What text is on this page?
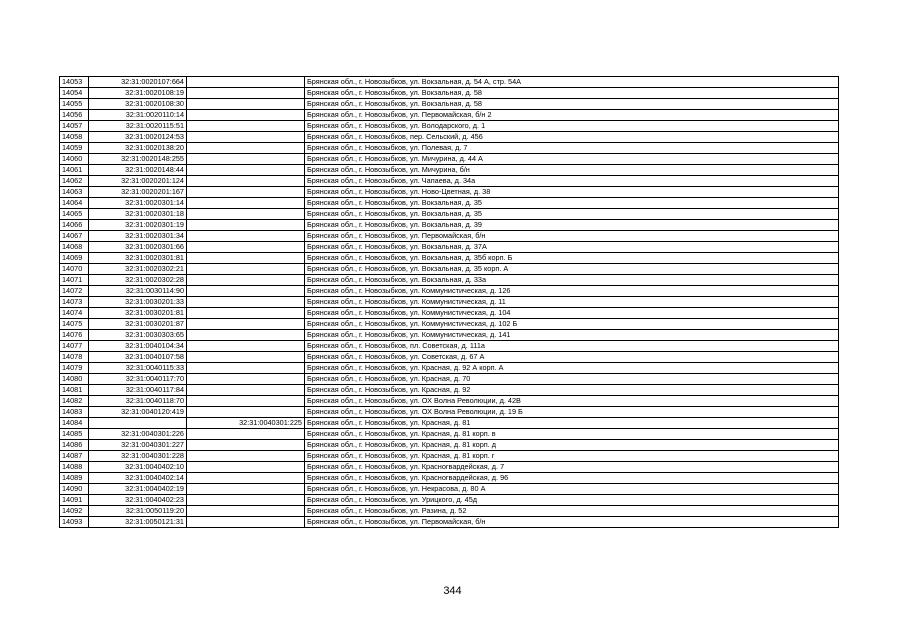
14053	32:31:0020107:664		Брянская обл., г. Новозыбков, ул. Вокзальная, д. 54 А, стр. 54А
14054	32:31:0020108:19		Брянская обл., г. Новозыбков, ул. Вокзальная, д. 58
14055	32:31:0020108:30		Брянская обл., г. Новозыбков, ул. Вокзальная, д. 58
14056	32:31:0020110:14		Брянская обл., г. Новозыбков, ул. Первомайская, б/н 2
14057	32:31:0020115:51		Брянская обл., г. Новозыбков, ул. Володарского, д. 1
14058	32:31:0020124:53		Брянская обл., г. Новозыбков, пер. Сельский, д. 456
14059	32:31:0020138:20		Брянская обл., г. Новозыбков, ул. Полевая, д. 7
14060	32:31:0020148:255		Брянская обл., г. Новозыбков, ул. Мичурина, д. 44 А
14061	32:31:0020148:44		Брянская обл., г. Новозыбков, ул. Мичурина, б/н
14062	32:31:0020201:124		Брянская обл., г. Новозыбков, ул. Чапаева, д. 34а
14063	32:31:0020201:167		Брянская обл., г. Новозыбков, ул. Ново-Цветная, д. 38
14064	32:31:0020301:14		Брянская обл., г. Новозыбков, ул. Вокзальная, д. 35
14065	32:31:0020301:18		Брянская обл., г. Новозыбков, ул. Вокзальная, д. 35
14066	32:31:0020301:19		Брянская обл., г. Новозыбков, ул. Вокзальная, д. 39
14067	32:31:0020301:34		Брянская обл., г. Новозыбков, ул. Первомайская, б/н
14068	32:31:0020301:66		Брянская обл., г. Новозыбков, ул. Вокзальная, д. 37А
14069	32:31:0020301:81		Брянская обл., г. Новозыбков, ул. Вокзальная, д. 35б корп. Б
14070	32:31:0020302:21		Брянская обл., г. Новозыбков, ул. Вокзальная, д. 35 корп. А
14071	32:31:0020302:28		Брянская обл., г. Новозыбков, ул. Вокзальная, д. 33а
14072	32:31:0030114:90		Брянская обл., г. Новозыбков, ул. Коммунистическая, д. 126
14073	32:31:0030201:33		Брянская обл., г. Новозыбков, ул. Коммунистическая, д. 11
14074	32:31:0030201:81		Брянская обл., г. Новозыбков, ул. Коммунистическая, д. 104
14075	32:31:0030201:87		Брянская обл., г. Новозыбков, ул. Коммунистическая, д. 102 Б
14076	32:31:0030303:65		Брянская обл., г. Новозыбков, ул. Коммунистическая, д. 141
14077	32:31:0040104:34		Брянская обл., г. Новозыбков, пл. Советская, д. 111а
14078	32:31:0040107:58		Брянская обл., г. Новозыбков, ул. Советская, д. 67 А
14079	32:31:0040115:33		Брянская обл., г. Новозыбков, ул. Красная, д. 92 А корп. А
14080	32:31:0040117:70		Брянская обл., г. Новозыбков, ул. Красная, д. 70
14081	32:31:0040117:84		Брянская обл., г. Новозыбков, ул. Красная, д. 92
14082	32:31:0040118:70		Брянская обл., г. Новозыбков, ул. ОХ Волна Революции, д. 42В
14083	32:31:0040120:419		Брянская обл., г. Новозыбков, ул. ОХ Волна Революции, д. 19 Б
14084		32:31:0040301:225	Брянская обл., г. Новозыбков, ул. Красная, д. 81
14085	32:31:0040301:226		Брянская обл., г. Новозыбков, ул. Красная, д. 81 корп. в
14086	32:31:0040301:227		Брянская обл., г. Новозыбков, ул. Красная, д. 81 корп. д
14087	32:31:0040301:228		Брянская обл., г. Новозыбков, ул. Красная, д. 81 корп. г
14088	32:31:0040402:10		Брянская обл., г. Новозыбков, ул. Красногвардейская, д. 7
14089	32:31:0040402:14		Брянская обл., г. Новозыбков, ул. Красногвардейская, д. 96
14090	32:31:0040402:19		Брянская обл., г. Новозыбков, ул. Некрасова, д. 80 А
14091	32:31:0040402:23		Брянская обл., г. Новозыбков, ул. Урицкого, д. 45д
14092	32:31:0050119:20		Брянская обл., г. Новозыбков, ул. Разина, д. 52
14093	32:31:0050121:31		Брянская обл., г. Новозыбков, ул. Первомайская, б/н
344
